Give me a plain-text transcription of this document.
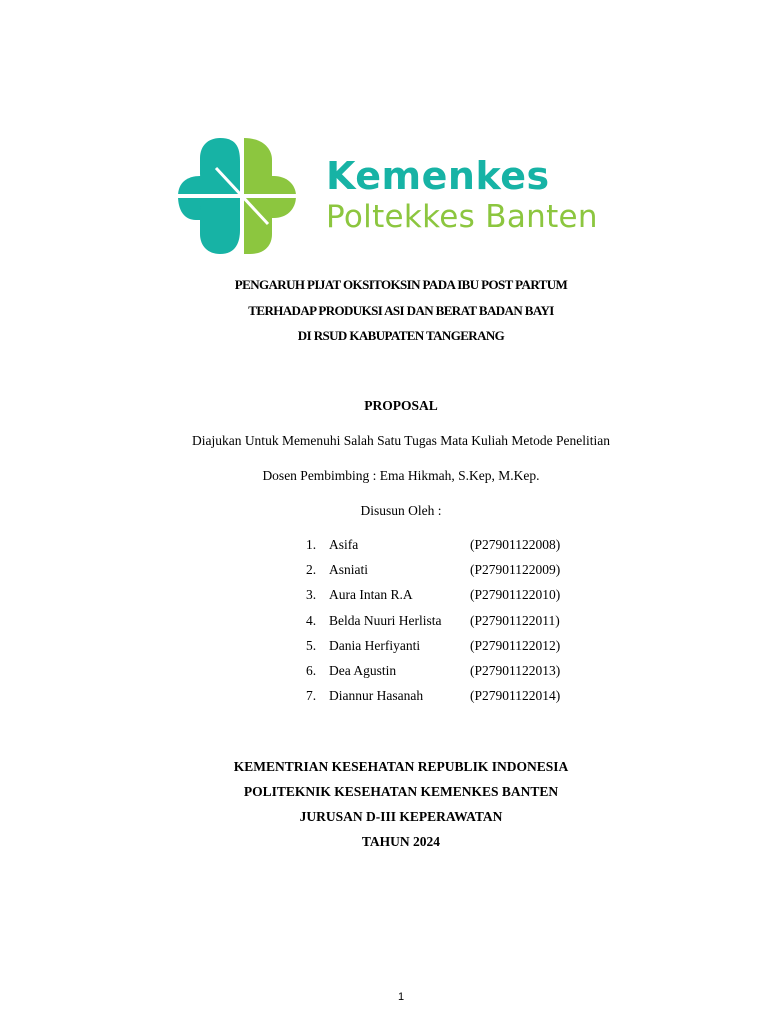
Kemenkes
Poltekkes Banten
PENGARUH PIJAT OKSITOKSIN PADA IBU POST PARTUM
TERHADAP PRODUKSI ASI DAN BERAT BADAN BAYI
DI RSUD KABUPATEN TANGERANG
PROPOSAL
Diajukan Untuk Memenuhi Salah Satu Tugas Mata Kuliah Metode Penelitian
Dosen Pembimbing : Ema Hikmah, S.Kep, M.Kep.
Disusun Oleh :
1. Asifa	(P27901122008)
2. Asniati	(P27901122009)
3. Aura Intan R.A	(P27901122010)
4. Belda Nuuri Herlista (P27901122011)
5. Dania Herfiyanti	(P27901122012)
6. Dea Agustin	(P27901122013)
7. Diannur Hasanah	(P27901122014)
KEMENTRIAN KESEHATAN REPUBLIK INDONESIA
POLITEKNIK KESEHATAN KEMENKES BANTEN
JURUSAN D-III KEPERAWATAN
TAHUN 2024
1
